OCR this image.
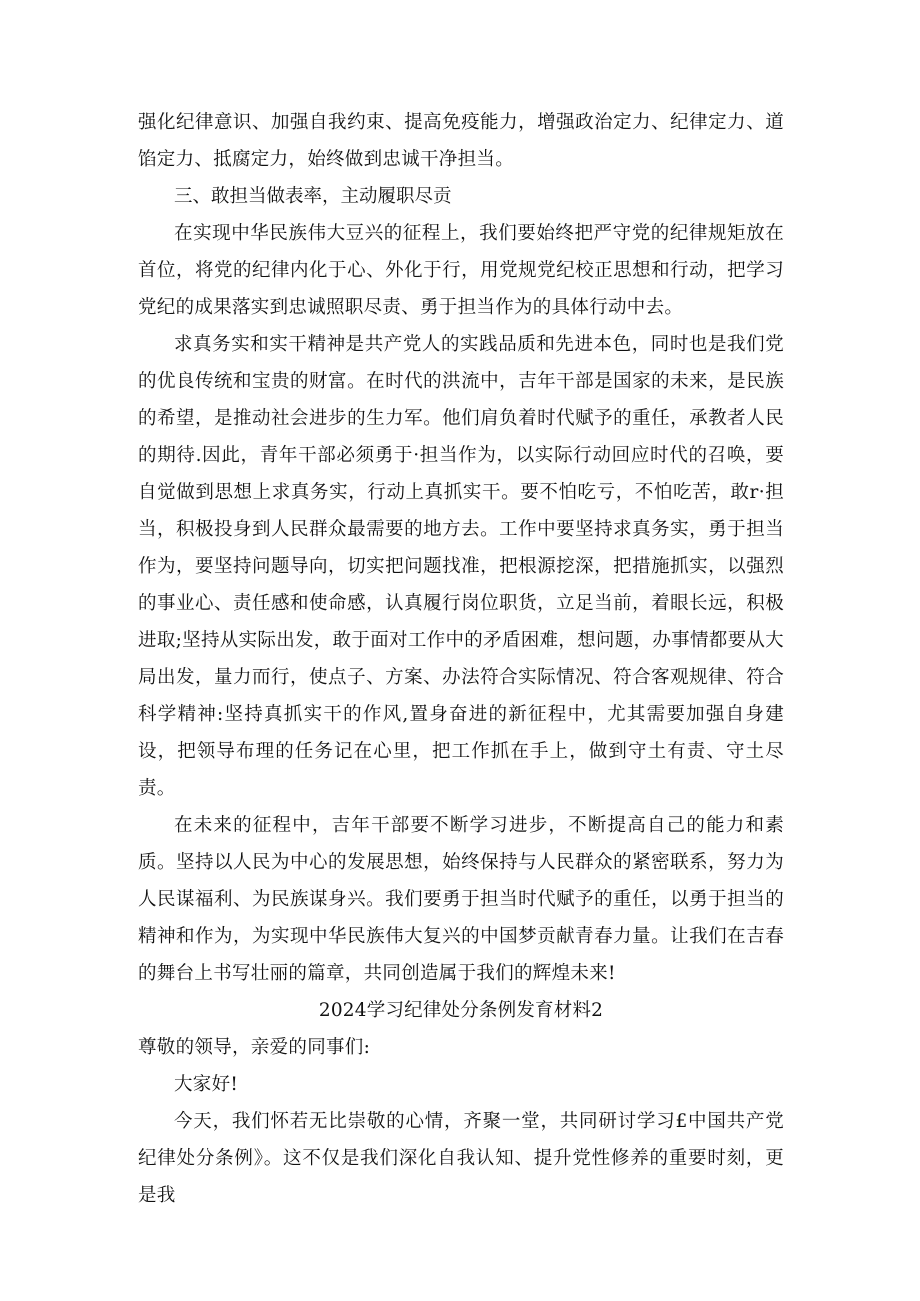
强化纪律意识、加强自我约束、提高免疫能力，增强政治定力、纪律定力、道馅定力、抵腐定力，始终做到忠诚干净担当。

三、敢担当做表率，主动履职尽贡

在实现中华民族伟大豆兴的征程上，我们要始终把严守党的纪律规矩放在首位，将党的纪律内化于心、外化于行，用党规党纪校正思想和行动，把学习党纪的成果落实到忠诚照职尽责、勇于担当作为的具体行动中去。

求真务实和实干精神是共产党人的实践品质和先进本色，同时也是我们党的优良传统和宝贵的财富。在时代的洪流中，吉年干部是国家的未来，是民族的希望，是推动社会进步的生力军。他们肩负着时代赋予的重任，承教者人民的期待.因此，青年干部必须勇于·担当作为，以实际行动回应时代的召唤，要自觉做到思想上求真务实，行动上真抓实干。要不怕吃亏，不怕吃苦，敢r·担当，积极投身到人民群众最需要的地方去。工作中要坚持求真务实，勇于担当作为，要坚持问题导向，切实把问题找准，把根源挖深，把措施抓实，以强烈的事业心、责任感和使命感，认真履行岗位职货，立足当前，着眼长远，积极进取;坚持从实际出发，敢于面对工作中的矛盾困难，想问题，办事情都要从大局出发，量力而行，使点子、方案、办法符合实际情况、符合客观规律、符合科学精神:坚持真抓实干的作风,置身奋进的新征程中，尤其需要加强自身建设，把领导布理的任务记在心里，把工作抓在手上，做到守土有责、守土尽责。

在未来的征程中，吉年干部要不断学习进步，不断提高自己的能力和素质。坚持以人民为中心的发展思想，始终保持与人民群众的紧密联系，努力为人民谋福利、为民族谋身兴。我们要勇于担当时代赋予的重任，以勇于担当的精神和作为，为实现中华民族伟大复兴的中国梦贡献青春力量。让我们在吉春的舞台上书写壮丽的篇章，共同创造属于我们的辉煌未来!

2024学习纪律处分条例发育材料2

尊敬的领导，亲爱的同事们:

大家好!

今天，我们怀若无比崇敬的心情，齐聚一堂，共同研讨学习£中国共产党纪律处分条例》。这不仅是我们深化自我认知、提升党性修养的重要时刻，更是我
